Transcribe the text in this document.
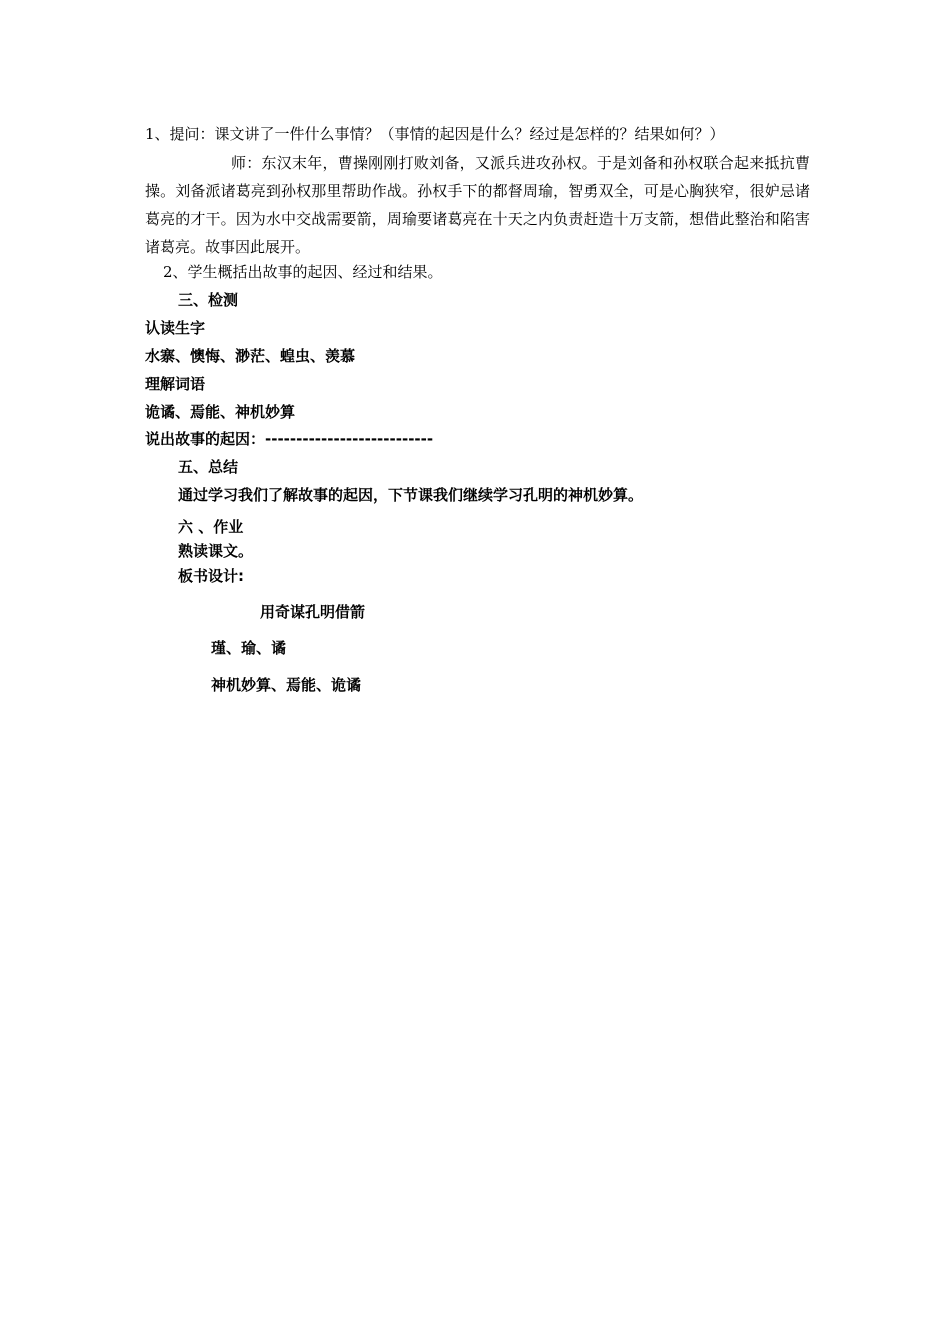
1、提问：课文讲了一件什么事情？（事情的起因是什么？经过是怎样的？结果如何？）
师：东汉末年，曹操刚刚打败刘备，又派兵进攻孙权。于是刘备和孙权联合起来抵抗曹操。刘备派诸葛亮到孙权那里帮助作战。孙权手下的都督周瑜，智勇双全，可是心胸狭窄，很妒忌诸葛亮的才干。因为水中交战需要箭，周瑜要诸葛亮在十天之内负责赶造十万支箭，想借此整治和陷害诸葛亮。故事因此展开。
2、学生概括出故事的起因、经过和结果。
三、检测
认读生字
水寨、懊悔、渺茫、蝗虫、羡慕
理解词语
诡谲、焉能、神机妙算
说出故事的起因：---------------------------
五、总结
通过学习我们了解故事的起因，下节课我们继续学习孔明的神机妙算。
六 、作业
熟读课文。
板书设计:
用奇谋孔明借箭
瑾、瑜、谲
神机妙算、焉能、诡谲
